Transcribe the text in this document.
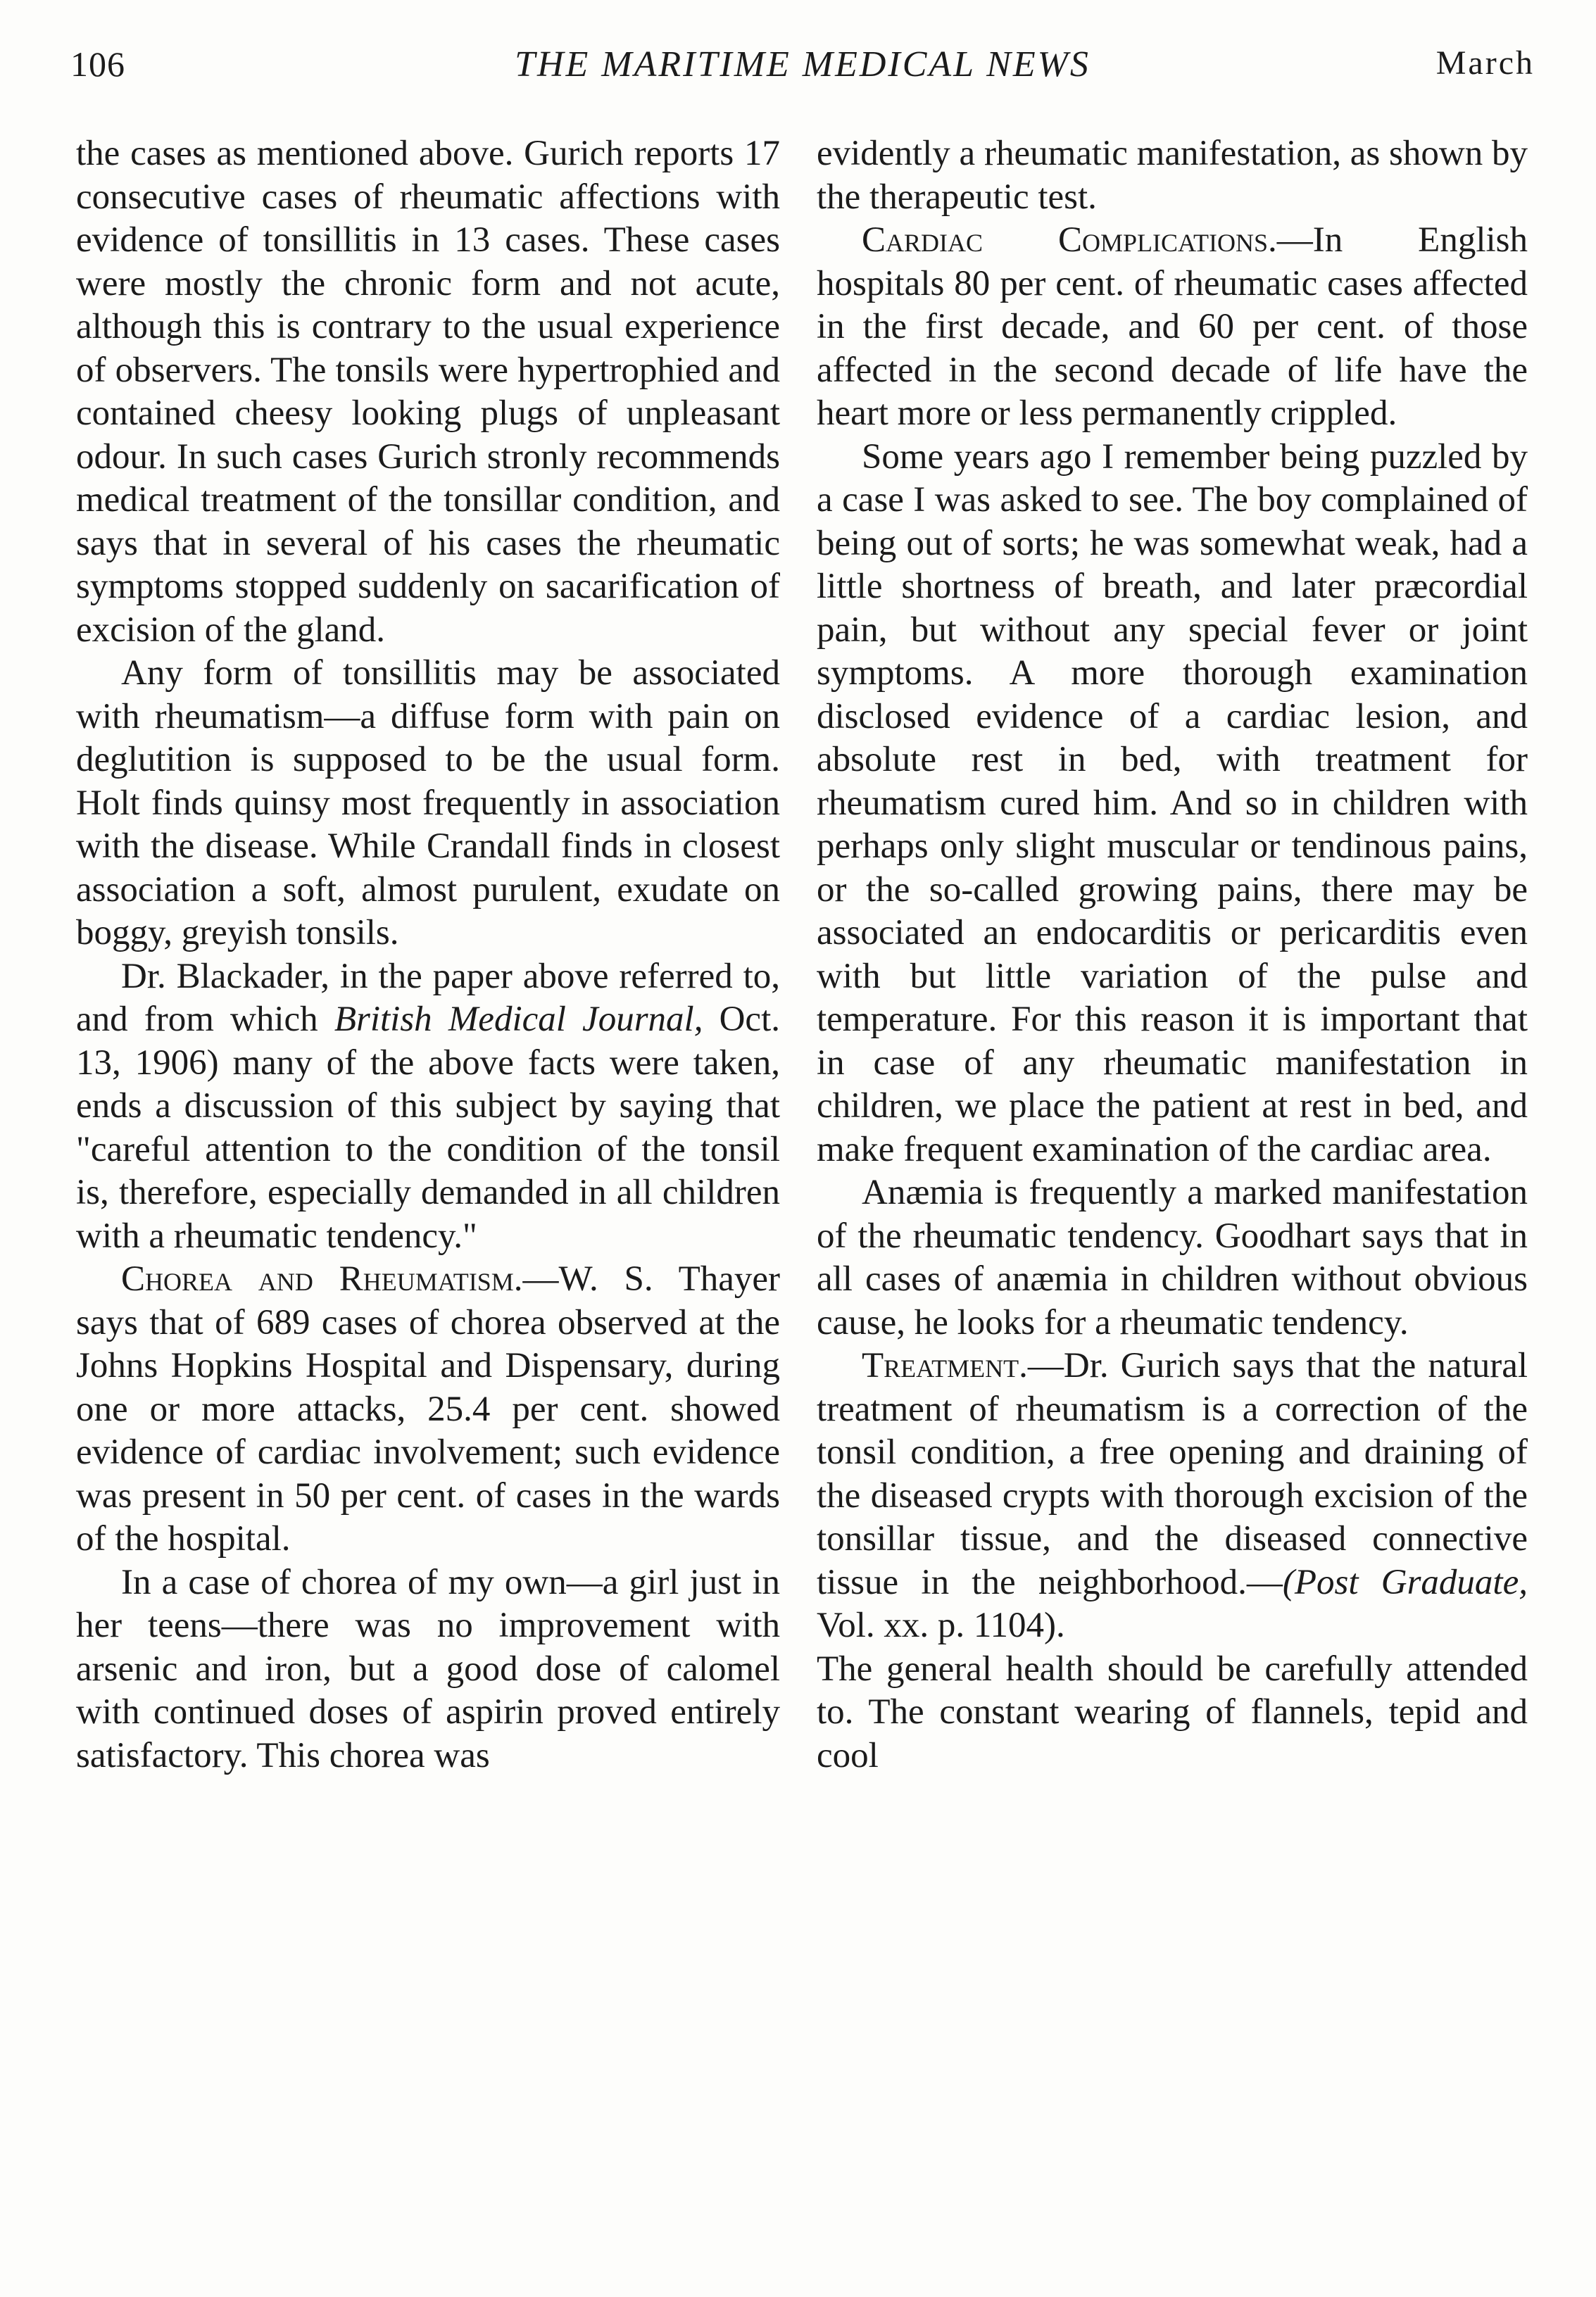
106	THE MARITIME MEDICAL NEWS	March

the cases as mentioned above. Gurich reports 17 consecutive cases of rheumatic affections with evidence of tonsillitis in 13 cases. These cases were mostly the chronic form and not acute, although this is contrary to the usual experience of observers. The tonsils were hypertrophied and contained cheesy looking plugs of unpleasant odour. In such cases Gurich stronly recommends medical treatment of the tonsillar condition, and says that in several of his cases the rheumatic symptoms stopped suddenly on sacarification of excision of the gland.

Any form of tonsillitis may be associated with rheumatism—a diffuse form with pain on deglutition is supposed to be the usual form. Holt finds quinsy most frequently in association with the disease. While Crandall finds in closest association a soft, almost purulent, exudate on boggy, greyish tonsils.

Dr. Blackader, in the paper above referred to, and from which British Medical Journal, Oct. 13, 1906) many of the above facts were taken, ends a discussion of this subject by saying that "careful attention to the condition of the tonsil is, therefore, especially demanded in all children with a rheumatic tendency."

Chorea and Rheumatism.—W. S. Thayer says that of 689 cases of chorea observed at the Johns Hopkins Hospital and Dispensary, during one or more attacks, 25.4 per cent. showed evidence of cardiac involvement; such evidence was present in 50 per cent. of cases in the wards of the hospital.

In a case of chorea of my own—a girl just in her teens—there was no improvement with arsenic and iron, but a good dose of calomel with continued doses of aspirin proved entirely satisfactory. This chorea was

evidently a rheumatic manifestation, as shown by the therapeutic test.

Cardiac Complications.—In English hospitals 80 per cent. of rheumatic cases affected in the first decade, and 60 per cent. of those affected in the second decade of life have the heart more or less permanently crippled.

Some years ago I remember being puzzled by a case I was asked to see. The boy complained of being out of sorts; he was somewhat weak, had a little shortness of breath, and later præcordial pain, but without any special fever or joint symptoms. A more thorough examination disclosed evidence of a cardiac lesion, and absolute rest in bed, with treatment for rheumatism cured him. And so in children with perhaps only slight muscular or tendinous pains, or the so-called growing pains, there may be associated an endocarditis or pericarditis even with but little variation of the pulse and temperature. For this reason it is important that in case of any rheumatic manifestation in children, we place the patient at rest in bed, and make frequent examination of the cardiac area.

Anæmia is frequently a marked manifestation of the rheumatic tendency. Goodhart says that in all cases of anæmia in children without obvious cause, he looks for a rheumatic tendency.

Treatment.—Dr. Gurich says that the natural treatment of rheumatism is a correction of the tonsil condition, a free opening and draining of the diseased crypts with thorough excision of the tonsillar tissue, and the diseased connective tissue in the neighborhood.—(Post Graduate, Vol. xx. p. 1104).

The general health should be carefully attended to. The constant wearing of flannels, tepid and cool
